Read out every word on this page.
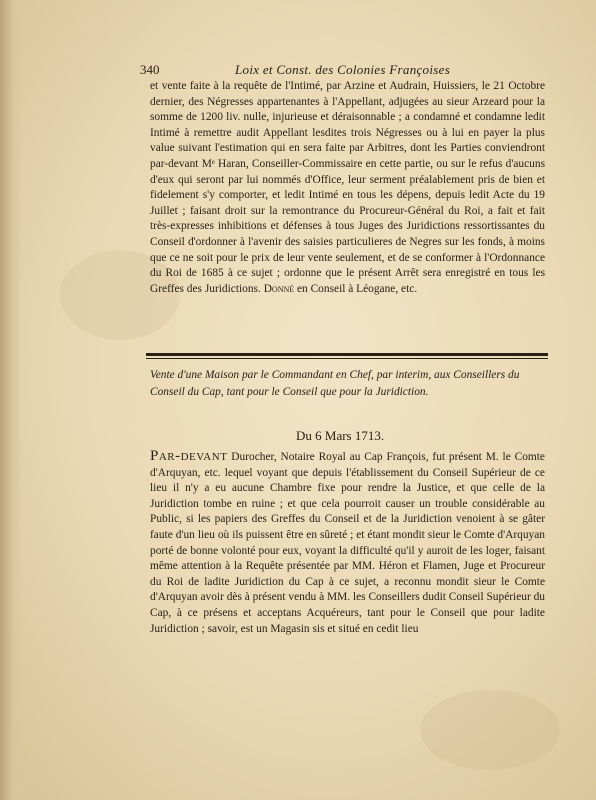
340	Loix et Const. des Colonies Françoises
et vente faite à la requête de l'Intimé, par Arzine et Audrain, Huissiers, le 21 Octobre dernier, des Négresses appartenantes à l'Appellant, adjugées au sieur Arzeard pour la somme de 1200 liv. nulle, injurieuse et déraisonnable ; a condamné et condamne ledit Intimé à remettre audit Appellant lesdites trois Négresses ou à lui en payer la plus value suivant l'estimation qui en sera faite par Arbitres, dont les Parties conviendront par-devant Mᵉ Haran, Conseiller-Commissaire en cette partie, ou sur le refus d'aucuns d'eux qui seront par lui nommés d'Office, leur serment préalablement pris de bien et fidelement s'y comporter, et ledit Intimé en tous les dépens, depuis ledit Acte du 19 Juillet ; faisant droit sur la remontrance du Procureur-Général du Roi, a fait et fait très-expresses inhibitions et défenses à tous Juges des Juridictions ressortissantes du Conseil d'ordonner à l'avenir des saisies particulieres de Negres sur les fonds, à moins que ce ne soit pour le prix de leur vente seulement, et de se conformer à l'Ordonnance du Roi de 1685 à ce sujet ; ordonne que le présent Arrêt sera enregistré en tous les Greffes des Juridictions. Donné en Conseil à Léogane, etc.
Vente d'une Maison par le Commandant en Chef, par interim, aux Conseillers du Conseil du Cap, tant pour le Conseil que pour la Juridiction.
Du 6 Mars 1713.
Par-devant Durocher, Notaire Royal au Cap François, fut présent M. le Comte d'Arquyan, etc. lequel voyant que depuis l'établissement du Conseil Supérieur de ce lieu il n'y a eu aucune Chambre fixe pour rendre la Justice, et que celle de la Juridiction tombe en ruine ; et que cela pourroit causer un trouble considérable au Public, si les papiers des Greffes du Conseil et de la Juridiction venoient à se gâter faute d'un lieu où ils puissent être en sûreté ; et étant mondit sieur le Comte d'Arquyan porté de bonne volonté pour eux, voyant la difficulté qu'il y auroit de les loger, faisant même attention à la Requête présentée par MM. Héron et Flamen, Juge et Procureur du Roi de ladite Juridiction du Cap à ce sujet, a reconnu mondit sieur le Comte d'Arquyan avoir dès à présent vendu à MM. les Conseillers dudit Conseil Supérieur du Cap, à ce présens et acceptans Acquéreurs, tant pour le Conseil que pour ladite Juridiction ; savoir, est un Magasin sis et situé en cedit lieu
